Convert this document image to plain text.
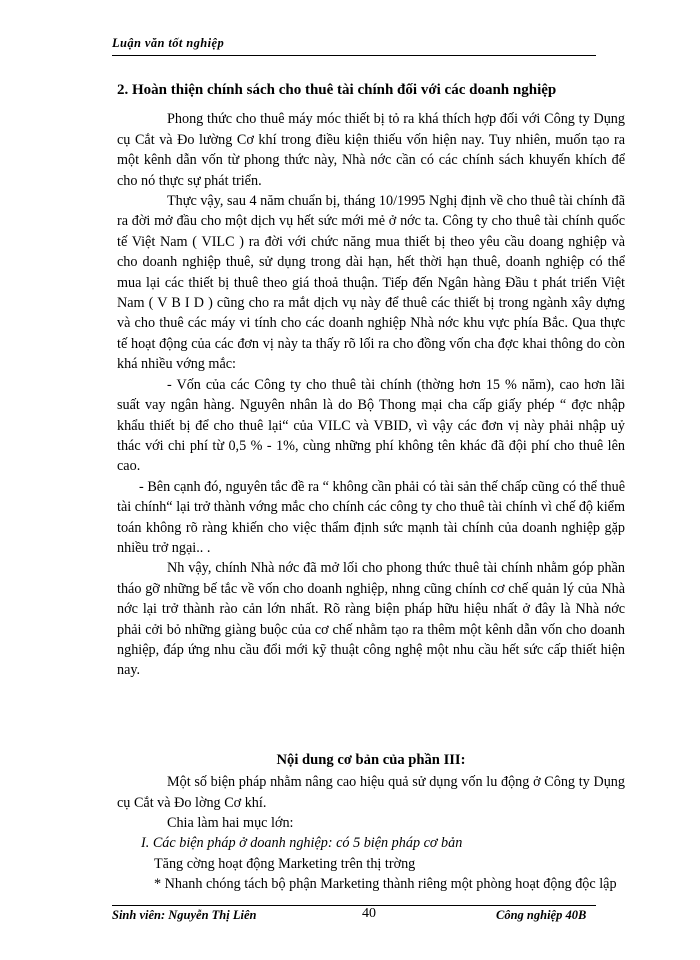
Luận văn tốt nghiệp
2. Hoàn thiện chính sách cho thuê tài chính đối với các doanh nghiệp

Phong thức cho thuê máy móc thiết bị tỏ ra khá thích hợp đối với Công ty Dụng cụ Cắt và Đo lường Cơ khí trong điều kiện thiếu vốn hiện nay. Tuy nhiên, muốn tạo ra một kênh dẫn vốn từ phong thức này, Nhà nớc cần có các chính sách khuyến khích để cho nó thực sự phát triển.

Thực vậy, sau 4 năm chuẩn bị, tháng 10/1995 Nghị định về cho thuê tài chính đã ra đời mở đầu cho một dịch vụ hết sức mới mẻ ở nớc ta. Công ty cho thuê tài chính quốc tế Việt Nam ( VILC ) ra đời với chức năng mua thiết bị theo yêu cầu doang nghiệp và cho doanh nghiệp thuê, sử dụng trong dài hạn, hết thời hạn thuê, doanh nghiệp có thể mua lại các thiết bị thuê theo giá thoả thuận. Tiếp đến Ngân hàng Đầu t phát triển Việt Nam ( V B I D ) cũng cho ra mắt dịch vụ này để thuê các thiết bị trong ngành xây dựng và cho thuê các máy vi tính cho các doanh nghiệp Nhà nớc khu vực phía Bắc. Qua thực tế hoạt động của các đơn vị này ta thấy rõ lối ra cho đồng vốn cha đợc khai thông do còn khá nhiều vớng mắc:

- Vốn của các Công ty cho thuê tài chính (thờng hơn 15 % năm), cao hơn lãi suất vay ngân hàng. Nguyên nhân là do Bộ Thong mại cha cấp giấy phép “ đợc nhập khẩu thiết bị để cho thuê lại“ của VILC và VBID, vì vậy các đơn vị này phải nhập uỷ thác với chi phí từ 0,5 % - 1%, cùng những phí không tên khác đã đội phí cho thuê lên cao.

- Bên cạnh đó, nguyên tắc đề ra “ không cần phải có tài sản thế chấp cũng có thể thuê tài chính“ lại trở thành vớng mắc cho chính các công ty cho thuê tài chính vì chế độ kiểm toán không rõ ràng khiến cho việc thẩm định sức mạnh tài chính của doanh nghiệp gặp nhiều trở ngại.. .

Nh vậy, chính Nhà nớc đã mở lối cho phong thức thuê tài chính nhằm góp phần tháo gỡ những bế tắc về vốn cho doanh nghiệp, nhng cũng chính cơ chế quản lý của Nhà nớc lại trở thành rào cản lớn nhất. Rõ ràng biện pháp hữu hiệu nhất ở đây là Nhà nớc phải cởi bỏ những giàng buộc của cơ chế nhằm tạo ra thêm một kênh dẫn vốn cho doanh nghiệp, đáp ứng nhu cầu đổi mới kỹ thuật công nghệ một nhu cầu hết sức cấp thiết hiện nay.

Nội dung cơ bản của phần III:

Một số biện pháp nhằm nâng cao hiệu quả sử dụng vốn lu động ở Công ty Dụng cụ Cắt và Đo lờng Cơ khí.

Chia làm hai mục lớn:

I. Các biện pháp ở doanh nghiệp: có 5 biện pháp cơ bản

Tăng cờng hoạt động Marketing trên thị trờng

* Nhanh chóng tách bộ phận Marketing thành riêng một phòng hoạt động độc lập

Sinh viên: Nguyễn Thị Liên	40	Công nghiệp 40B
